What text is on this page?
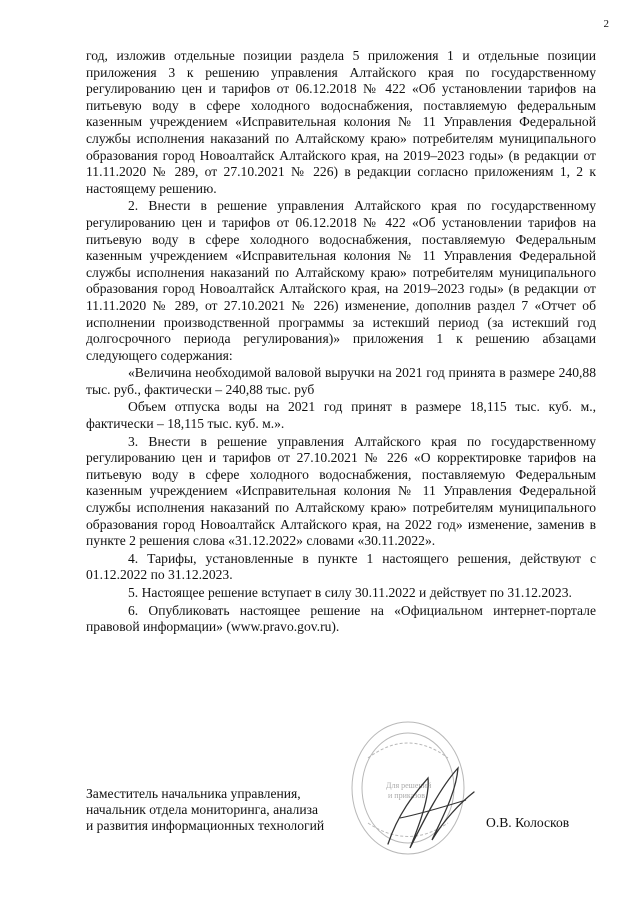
2

год, изложив отдельные позиции раздела 5 приложения 1 и отдельные позиции приложения 3 к решению управления Алтайского края по государственному регулированию цен и тарифов от 06.12.2018 № 422 «Об установлении тарифов на питьевую воду в сфере холодного водоснабжения, поставляемую федеральным казенным учреждением «Исправительная колония № 11 Управления Федеральной службы исполнения наказаний по Алтайскому краю» потребителям муниципального образования город Новоалтайск Алтайского края, на 2019–2023 годы» (в редакции от 11.11.2020 № 289, от 27.10.2021 № 226) в редакции согласно приложениям 1, 2 к настоящему решению.

2. Внести в решение управления Алтайского края по государственному регулированию цен и тарифов от 06.12.2018 № 422 «Об установлении тарифов на питьевую воду в сфере холодного водоснабжения, поставляемую Федеральным казенным учреждением «Исправительная колония № 11 Управления Федеральной службы исполнения наказаний по Алтайскому краю» потребителям муниципального образования город Новоалтайск Алтайского края, на 2019–2023 годы» (в редакции от 11.11.2020 № 289, от 27.10.2021 № 226) изменение, дополнив раздел 7 «Отчет об исполнении производственной программы за истекший период (за истекший год долгосрочного периода регулирования)» приложения 1 к решению абзацами следующего содержания:

«Величина необходимой валовой выручки на 2021 год принята в размере 240,88 тыс. руб., фактически – 240,88 тыс. руб

Объем отпуска воды на 2021 год принят в размере 18,115 тыс. куб. м., фактически – 18,115 тыс. куб. м.».

3. Внести в решение управления Алтайского края по государственному регулированию цен и тарифов от 27.10.2021 № 226 «О корректировке тарифов на питьевую воду в сфере холодного водоснабжения, поставляемую Федеральным казенным учреждением «Исправительная колония № 11 Управления Федеральной службы исполнения наказаний по Алтайскому краю» потребителям муниципального образования город Новоалтайск Алтайского края, на 2022 год» изменение, заменив в пункте 2 решения слова «31.12.2022» словами «30.11.2022».

4. Тарифы, установленные в пункте 1 настоящего решения, действуют с 01.12.2022 по 31.12.2023.

5. Настоящее решение вступает в силу 30.11.2022 и действует по 31.12.2023.

6. Опубликовать настоящее решение на «Официальном интернет-портале правовой информации» (www.pravo.gov.ru).

Для решений
и приказов
Заместитель начальника управления,
начальник отдела мониторинга, анализа
и развития информационных технологий	О.В. Колосков
